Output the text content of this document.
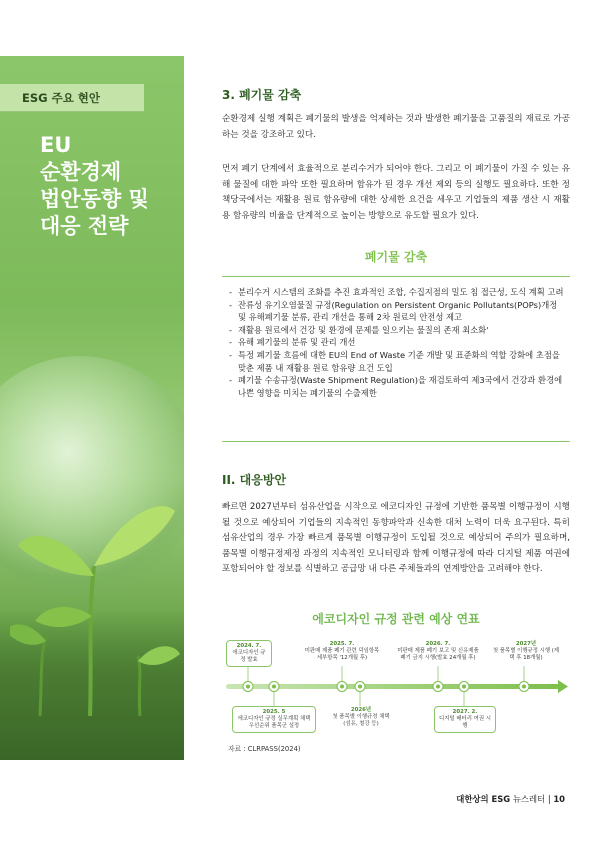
ESG 주요 현안
EU
순환경제
법안동향 및
대응 전략
3. 폐기물 감축
순환경제 실행 계획은 폐기물의 발생을 억제하는 것과 발생한 폐기물을 고품질의 재료로 가공하는 것을 강조하고 있다.
먼저 폐기 단계에서 효율적으로 분리수거가 되어야 한다. 그리고 이 폐기물이 가질 수 있는 유해 물질에 대한 파악 또한 필요하며 함유가 된 경우 개선 제외 등의 실행도 필요하다. 또한 정책당국에서는 재활용 원료 함유량에 대한 상세한 요건을 세우고 기업들의 제품 생산 시 재활용 함유량의 비율을 단계적으로 높이는 방향으로 유도할 필요가 있다.
폐기물 감축
- 분리수거 시스템의 조화를 추진 효과적인 조합, 수집지점의 밀도 침 접근성, 도식 계획 고려
- 잔류성 유기오염물질 규정(Regulation on Persistent Organic Pollutants(POPs)개정 및 유해폐기물 분류, 관리 개선을 통해 2차 원료의 안전성 제고
- 재활용 원료에서 건강 및 환경에 문제를 일으키는 물질의 존재 최소화'
- 유해 폐기물의 분류 및 관리 개선
- 특정 폐기물 흐름에 대한 EU의 End of Waste 기준 개발 및 표준화의 역할 강화에 초점을 맞춘 제품 내 재활용 원료 함유량 요건 도입
- 폐기물 수송규정(Waste Shipment Regulation)을 재검토하여 제3국에서 건강과 환경에 나쁜 영향을 미치는 폐기물의 수출제한
II. 대응방안
빠르면 2027년부터 섬유산업을 시작으로 에코디자인 규정에 기반한 품목별 이행규정이 시행될 것으로 예상되어 기업들의 지속적인 동향파악과 신속한 대처 노력이 더욱 요구된다. 특히 섬유산업의 경우 가장 빠르게 품목별 이행규정이 도입될 것으로 예상되어 주의가 필요하며, 품목별 이행규정제정 과정의 지속적인 모니터링과 함께 이행규정에 따라 디지털 제품 여권에 포함되어야 할 정보를 식별하고 공급망 내 다른 주체들과의 연계방안을 고려해야 한다.
에코디자인 규정 관련 예상 연표
2024. 7.
에코디자인 규정 발효
2025. 7.
미판매 제품 폐기 관련 덕임항목 세부항목 '12개월 후)
2026. 7.
미판매 제품 폐기 보고 및 신유제품 폐기 금지 시행(발효 24개월 후)
2027년
첫 품목별 이행규정 시행 (제택 후 18개월)
2025. 5
에코디자인 규정 실무계획 채택 우선순위 품목군 설정
2026년
첫 품목별 이행규정 채택 (섬유, 철강 등)
2027. 2.
디지털 배터리 여권 시행
자료 : CLRPASS(2024)
대한상의 ESG 뉴스레터 | 10
